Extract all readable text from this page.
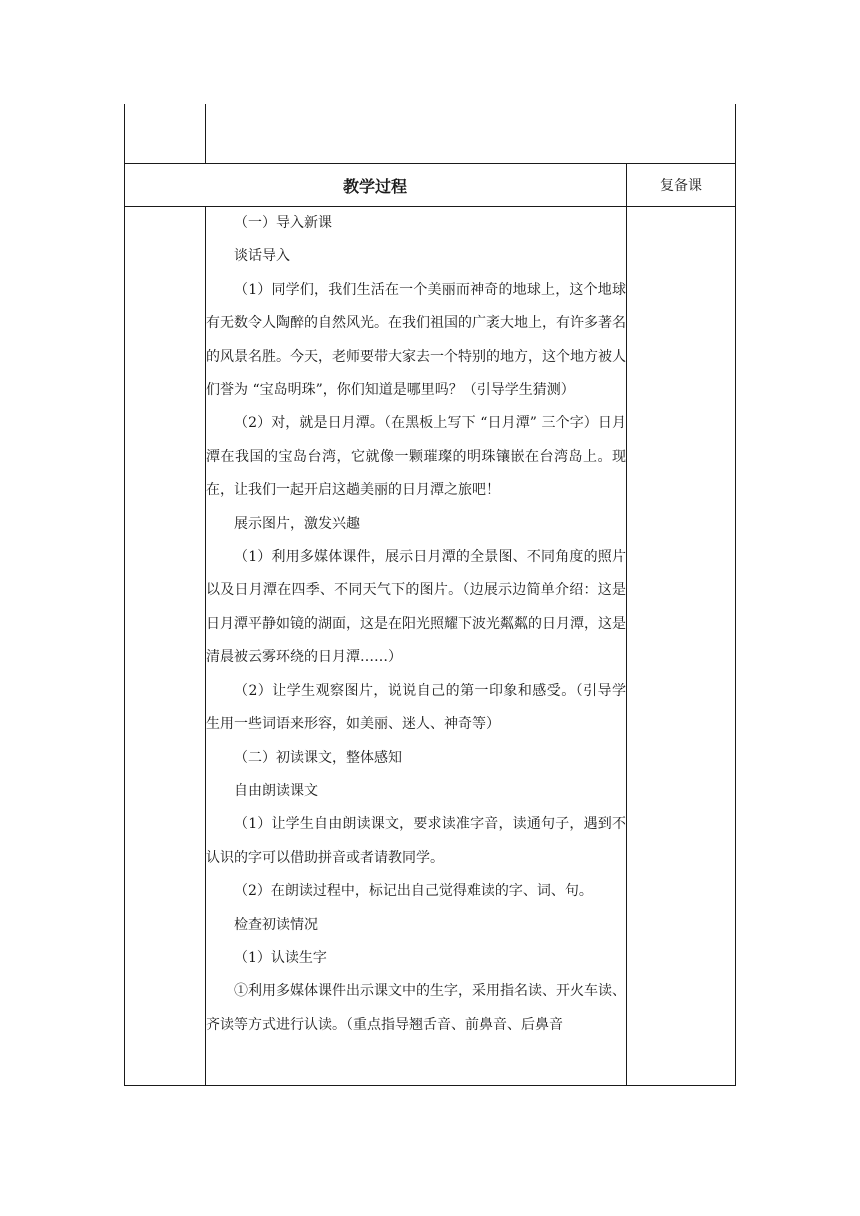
教学过程	复备课

（一）导入新课

谈话导入

（1）同学们，我们生活在一个美丽而神奇的地球上，这个地球有无数令人陶醉的自然风光。在我们祖国的广袤大地上，有许多著名的风景名胜。今天，老师要带大家去一个特别的地方，这个地方被人们誉为 “宝岛明珠”，你们知道是哪里吗？（引导学生猜测）

（2）对，就是日月潭。（在黑板上写下 “日月潭” 三个字）日月潭在我国的宝岛台湾，它就像一颗璀璨的明珠镶嵌在台湾岛上。现在，让我们一起开启这趟美丽的日月潭之旅吧！

展示图片，激发兴趣

（1）利用多媒体课件，展示日月潭的全景图、不同角度的照片以及日月潭在四季、不同天气下的图片。（边展示边简单介绍：这是日月潭平静如镜的湖面，这是在阳光照耀下波光粼粼的日月潭，这是清晨被云雾环绕的日月潭……）

（2）让学生观察图片，说说自己的第一印象和感受。（引导学生用一些词语来形容，如美丽、迷人、神奇等）

（二）初读课文，整体感知

自由朗读课文

（1）让学生自由朗读课文，要求读准字音，读通句子，遇到不认识的字可以借助拼音或者请教同学。

（2）在朗读过程中，标记出自己觉得难读的字、词、句。

检查初读情况

（1）认读生字

①利用多媒体课件出示课文中的生字，采用指名读、开火车读、齐读等方式进行认读。（重点指导翘舌音、前鼻音、后鼻音
